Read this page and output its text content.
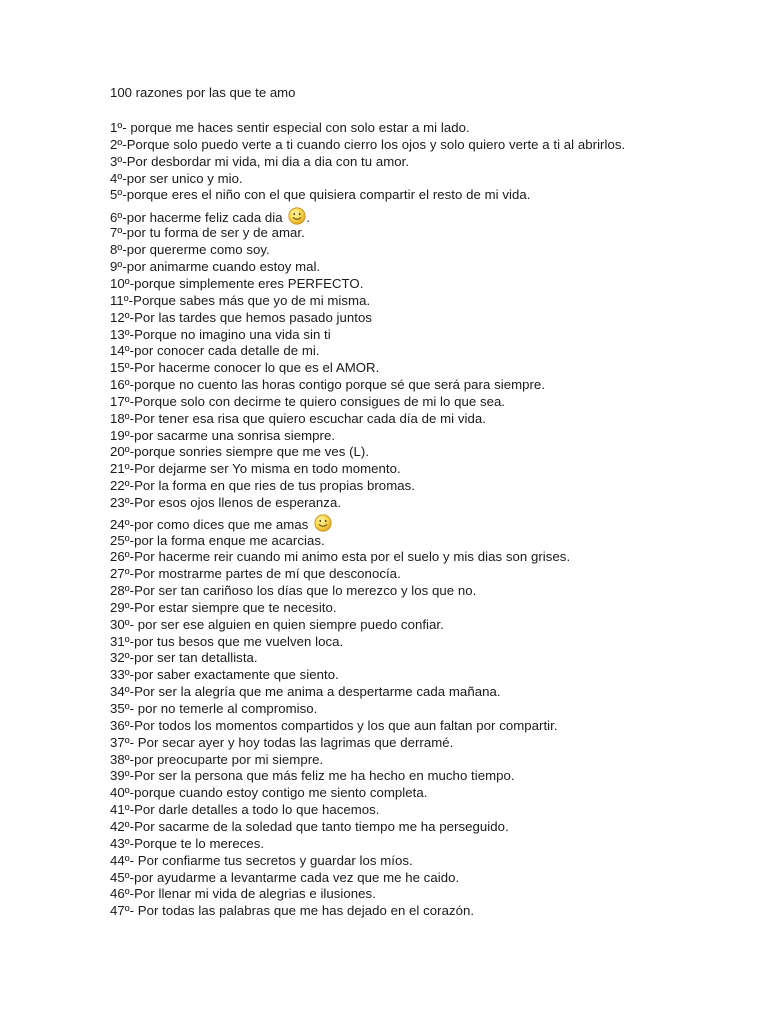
100 razones por las que te amo
1º- porque me haces sentir especial con solo estar a mi lado.
2º-Porque solo puedo verte a ti cuando cierro los ojos y solo quiero verte a ti al abrirlos.
3º-Por desbordar mi vida, mi dia a dia con tu amor.
4º-por ser unico y mio.
5º-porque eres el niño con el que quisiera compartir el resto de mi vida.
6º-por hacerme feliz cada dia
.
7º-por tu forma de ser y de amar.
8º-por quererme como soy.
9º-por animarme cuando estoy mal.
10º-porque simplemente eres PERFECTO.
11º-Porque sabes más que yo de mi misma.
12º-Por las tardes que hemos pasado juntos
13º-Porque no imagino una vida sin ti
14º-por conocer cada detalle de mi.
15º-Por hacerme conocer lo que es el AMOR.
16º-porque no cuento las horas contigo porque sé que será para siempre.
17º-Porque solo con decirme te quiero consigues de mi lo que sea.
18º-Por tener esa risa que quiero escuchar cada día de mi vida.
19º-por sacarme una sonrisa siempre.
20º-porque sonries siempre que me ves (L).
21º-Por dejarme ser Yo misma en todo momento.
22º-Por la forma en que ries de tus propias bromas.
23º-Por esos ojos llenos de esperanza.
24º-por como dices que me amas
25º-por la forma enque me acarcias.
26º-Por hacerme reir cuando mi animo esta por el suelo y mis dias son grises.
27º-Por mostrarme partes de mí que desconocía.
28º-Por ser tan cariñoso los días que lo merezco y los que no.
29º-Por estar siempre que te necesito.
30º- por ser ese alguien en quien siempre puedo confiar.
31º-por tus besos que me vuelven loca.
32º-por ser tan detallista.
33º-por saber exactamente que siento.
34º-Por ser la alegría que me anima a despertarme cada mañana.
35º- por no temerle al compromiso.
36º-Por todos los momentos compartidos y los que aun faltan por compartir.
37º- Por secar ayer y hoy todas las lagrimas que derramé.
38º-por preocuparte por mi siempre.
39º-Por ser la persona que más feliz me ha hecho en mucho tiempo.
40º-porque cuando estoy contigo me siento completa.
41º-Por darle detalles a todo lo que hacemos.
42º-Por sacarme de la soledad que tanto tiempo me ha perseguido.
43º-Porque te lo mereces.
44º- Por confiarme tus secretos y guardar los míos.
45º-por ayudarme a levantarme cada vez que me he caido.
46º-Por llenar mi vida de alegrias e ilusiones.
47º- Por todas las palabras que me has dejado en el corazón.
